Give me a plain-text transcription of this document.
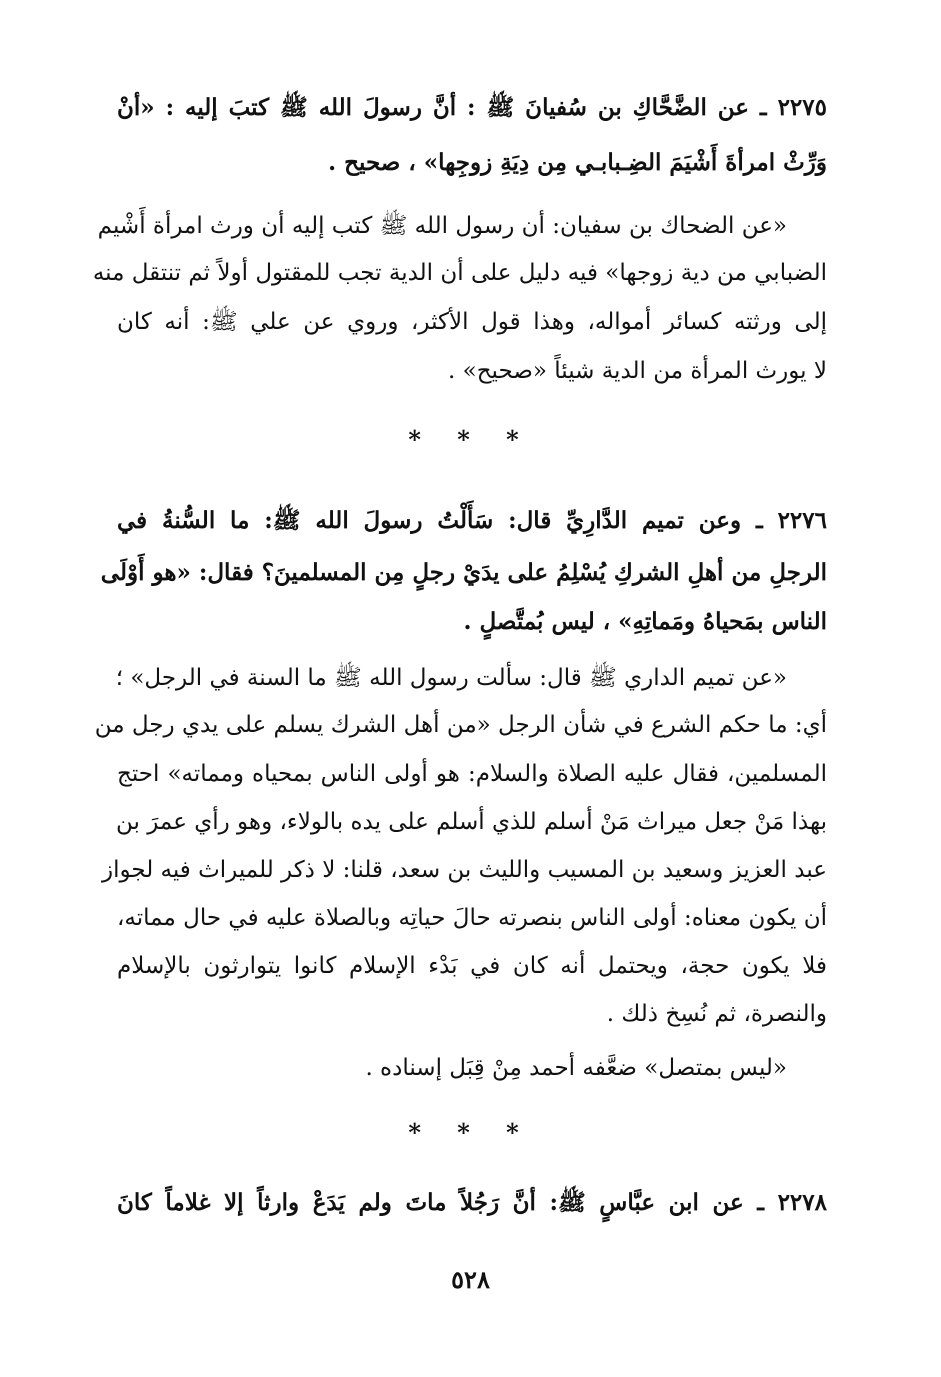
٢٢٧٥ ـ عن الضَّحَّاكِ بن سُفيانَ ﷺ : أنَّ رسولَ الله ﷺ كتبَ إليه : «أنْ
وَرِّثْ امرأةَ أَشْيَمَ الضِـبابـي مِن دِيَةِ زوجِها» ، صحيح .
«عن الضحاك بن سفيان: أن رسول الله ﷺ كتب إليه أن ورث امرأة أَشْيم
الضبابي من دية زوجها» فيه دليل على أن الدية تجب للمقتول أولاً ثم تنتقل منه
إلى ورثته كسائر أمواله، وهذا قول الأكثر، وروي عن علي ﷺ: أنه كان
لا يورث المرأة من الدية شيئاً «صحيح» .
* * *
٢٢٧٦ ـ وعن تميم الدَّارِيِّ قال: سَأَلْتُ رسولَ الله ﷺ: ما السُّنةُ في
الرجلِ من أهلِ الشركِ يُسْلِمُ على يدَيْ رجلٍ مِن المسلمينَ؟ فقال: «هو أَوْلَى
الناس بمَحياهُ ومَماتِهِ» ، ليس بُمتَّصلٍ .
«عن تميم الداري ﷺ قال: سألت رسول الله ﷺ ما السنة في الرجل» ؛
أي: ما حكم الشرع في شأن الرجل «من أهل الشرك يسلم على يدي رجل من
المسلمين، فقال عليه الصلاة والسلام: هو أولى الناس بمحياه ومماته» احتج
بهذا مَنْ جعل ميراث مَنْ أسلم للذي أسلم على يده بالولاء، وهو رأي عمرَ بن
عبد العزيز وسعيد بن المسيب والليث بن سعد، قلنا: لا ذكر للميراث فيه لجواز
أن يكون معناه: أولى الناس بنصرته حالَ حياتِه وبالصلاة عليه في حال مماته،
فلا يكون حجة، ويحتمل أنه كان في بَدْء الإسلام كانوا يتوارثون بالإسلام
والنصرة، ثم نُسِخ ذلك .
«ليس بمتصل» ضعَّفه أحمد مِنْ قِبَل إسناده .
* * *
٢٢٧٨ ـ عن ابن عبَّاسٍ ﷺ: أنَّ رَجُلاً ماتَ ولم يَدَعْ وارثاً إلا غلاماً كانَ
٥٢٨
